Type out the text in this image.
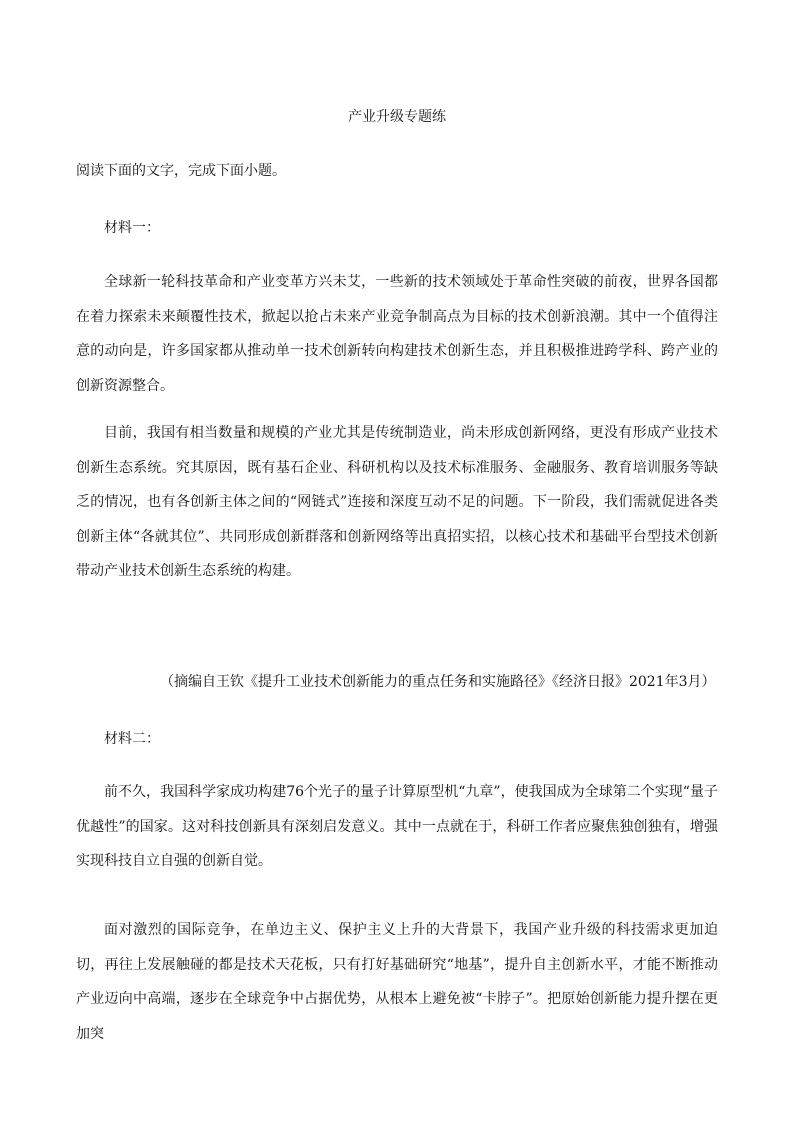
产业升级专题练
阅读下面的文字，完成下面小题。
材料一：

全球新一轮科技革命和产业变革方兴未艾，一些新的技术领域处于革命性突破的前夜，世界各国都在着力探索未来颠覆性技术，掀起以抢占未来产业竞争制高点为目标的技术创新浪潮。其中一个值得注意的动向是，许多国家都从推动单一技术创新转向构建技术创新生态，并且积极推进跨学科、跨产业的创新资源整合。

目前，我国有相当数量和规模的产业尤其是传统制造业，尚未形成创新网络，更没有形成产业技术创新生态系统。究其原因，既有基石企业、科研机构以及技术标准服务、金融服务、教育培训服务等缺乏的情况，也有各创新主体之间的“网链式”连接和深度互动不足的问题。下一阶段，我们需就促进各类创新主体“各就其位”、共同形成创新群落和创新网络等出真招实招，以核心技术和基础平台型技术创新带动产业技术创新生态系统的构建。

（摘编自王钦《提升工业技术创新能力的重点任务和实施路径》《经济日报》2021年3月）
材料二：

前不久，我国科学家成功构建76个光子的量子计算原型机“九章”，使我国成为全球第二个实现“量子优越性”的国家。这对科技创新具有深刻启发意义。其中一点就在于，科研工作者应聚焦独创独有，增强实现科技自立自强的创新自觉。

面对激烈的国际竞争，在单边主义、保护主义上升的大背景下，我国产业升级的科技需求更加迫切，再往上发展触碰的都是技术天花板，只有打好基础研究“地基”，提升自主创新水平，才能不断推动产业迈向中高端，逐步在全球竞争中占据优势，从根本上避免被“卡脖子”。把原始创新能力提升摆在更加突
